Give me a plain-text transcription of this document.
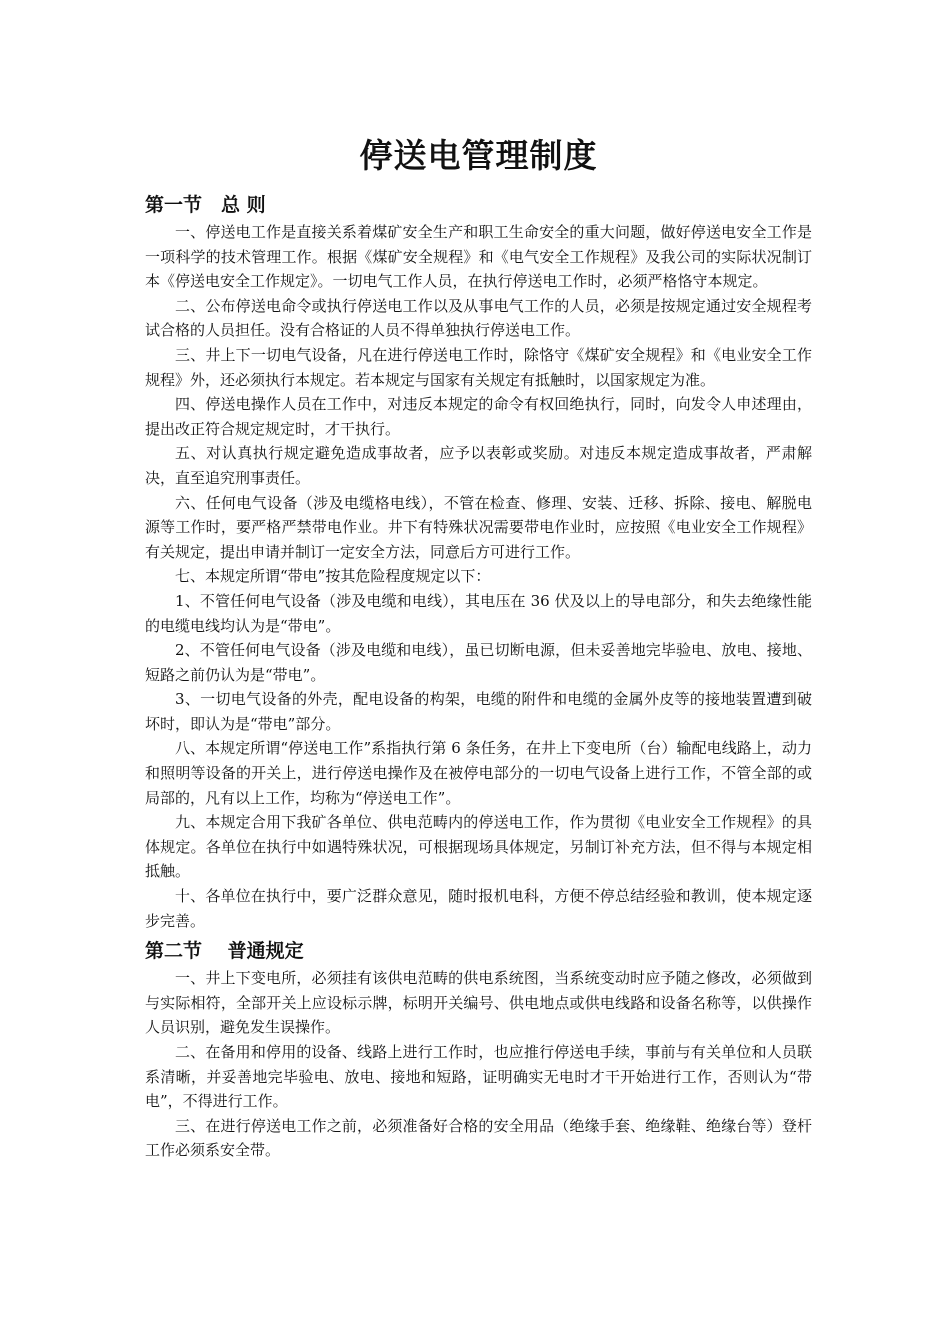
停送电管理制度
第一节　总 则

一、停送电工作是直接关系着煤矿安全生产和职工生命安全的重大问题，做好停送电安全工作是一项科学的技术管理工作。根据《煤矿安全规程》和《电气安全工作规程》及我公司的实际状况制订本《停送电安全工作规定》。一切电气工作人员，在执行停送电工作时，必须严格恪守本规定。

二、公布停送电命令或执行停送电工作以及从事电气工作的人员，必须是按规定通过安全规程考试合格的人员担任。没有合格证的人员不得单独执行停送电工作。

三、井上下一切电气设备，凡在进行停送电工作时，除恪守《煤矿安全规程》和《电业安全工作规程》外，还必须执行本规定。若本规定与国家有关规定有抵触时，以国家规定为准。

四、停送电操作人员在工作中，对违反本规定的命令有权回绝执行，同时，向发令人申述理由，提出改正符合规定规定时，才干执行。

五、对认真执行规定避免造成事故者，应予以表彰或奖励。对违反本规定造成事故者，严肃解决，直至追究刑事责任。

六、任何电气设备（涉及电缆格电线），不管在检查、修理、安装、迁移、拆除、接电、解脱电源等工作时，要严格严禁带电作业。井下有特殊状况需要带电作业时，应按照《电业安全工作规程》有关规定，提出申请并制订一定安全方法，同意后方可进行工作。

七、本规定所谓“带电”按其危险程度规定以下：

1、不管任何电气设备（涉及电缆和电线），其电压在 36 伏及以上的导电部分，和失去绝缘性能的电缆电线均认为是“带电”。

2、不管任何电气设备（涉及电缆和电线），虽已切断电源，但未妥善地完毕验电、放电、接地、短路之前仍认为是“带电”。

3、一切电气设备的外壳，配电设备的构架，电缆的附件和电缆的金属外皮等的接地装置遭到破坏时，即认为是“带电”部分。

八、本规定所谓“停送电工作”系指执行第 6 条任务，在井上下变电所（台）输配电线路上，动力和照明等设备的开关上，进行停送电操作及在被停电部分的一切电气设备上进行工作，不管全部的或局部的，凡有以上工作，均称为“停送电工作”。

九、本规定合用下我矿各单位、供电范畴内的停送电工作，作为贯彻《电业安全工作规程》的具体规定。各单位在执行中如遇特殊状况，可根据现场具体规定，另制订补充方法，但不得与本规定相抵触。

十、各单位在执行中，要广泛群众意见，随时报机电科，方便不停总结经验和教训，使本规定逐步完善。

第二节　 普通规定

一、井上下变电所，必须挂有该供电范畴的供电系统图，当系统变动时应予随之修改，必须做到与实际相符，全部开关上应设标示牌，标明开关编号、供电地点或供电线路和设备名称等，以供操作人员识别，避免发生误操作。

二、在备用和停用的设备、线路上进行工作时，也应推行停送电手续，事前与有关单位和人员联系清晰，并妥善地完毕验电、放电、接地和短路，证明确实无电时才干开始进行工作，否则认为“带电”，不得进行工作。

三、在进行停送电工作之前，必须准备好合格的安全用品（绝缘手套、绝缘鞋、绝缘台等）登杆工作必须系安全带。
